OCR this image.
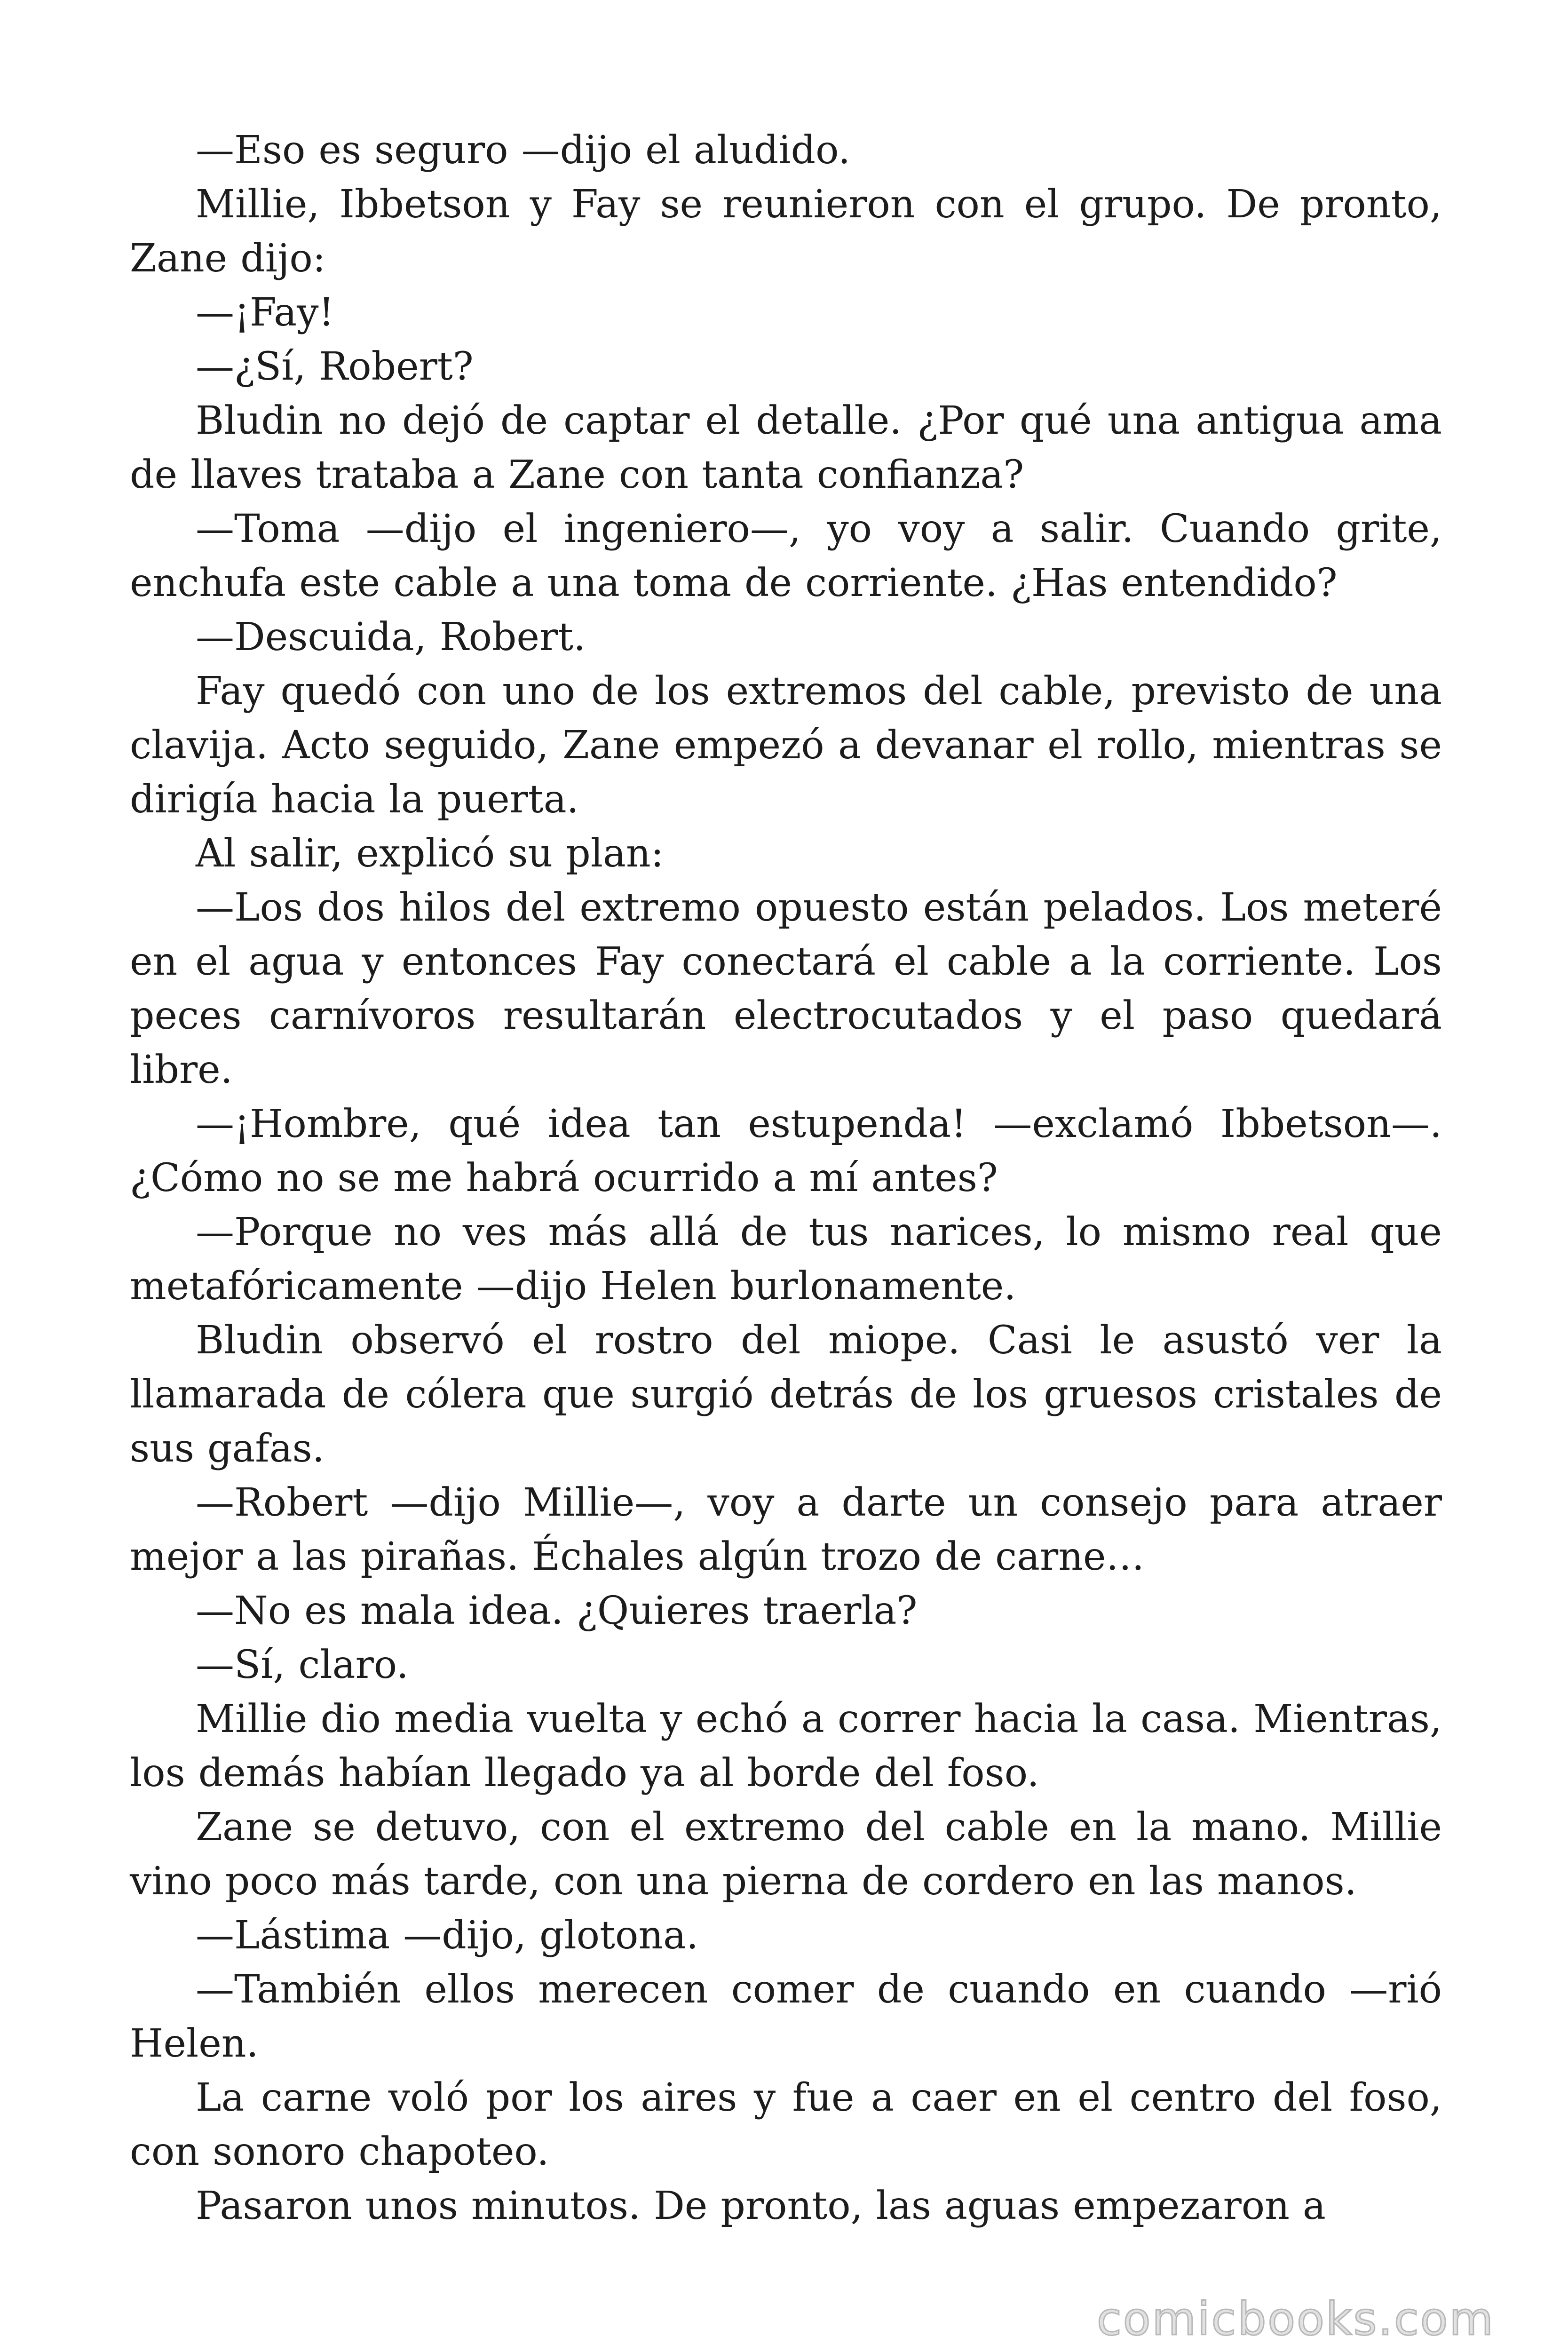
—Eso es seguro —dijo el aludido.

Millie, Ibbetson y Fay se reunieron con el grupo. De pronto, Zane dijo:

—¡Fay!

—¿Sí, Robert?

Bludin no dejó de captar el detalle. ¿Por qué una antigua ama de llaves trataba a Zane con tanta confianza?

—Toma —dijo el ingeniero—, yo voy a salir. Cuando grite, enchufa este cable a una toma de corriente. ¿Has entendido?

—Descuida, Robert.

Fay quedó con uno de los extremos del cable, previsto de una clavija. Acto seguido, Zane empezó a devanar el rollo, mientras se dirigía hacia la puerta.

Al salir, explicó su plan:

—Los dos hilos del extremo opuesto están pelados. Los meteré en el agua y entonces Fay conectará el cable a la corriente. Los peces carnívoros resultarán electrocutados y el paso quedará libre.

—¡Hombre, qué idea tan estupenda! —exclamó Ibbetson—. ¿Cómo no se me habrá ocurrido a mí antes?

—Porque no ves más allá de tus narices, lo mismo real que metafóricamente —dijo Helen burlonamente.

Bludin observó el rostro del miope. Casi le asustó ver la llamarada de cólera que surgió detrás de los gruesos cristales de sus gafas.

—Robert —dijo Millie—, voy a darte un consejo para atraer mejor a las pirañas. Échales algún trozo de carne…

—No es mala idea. ¿Quieres traerla?

—Sí, claro.

Millie dio media vuelta y echó a correr hacia la casa. Mientras, los demás habían llegado ya al borde del foso.

Zane se detuvo, con el extremo del cable en la mano. Millie vino poco más tarde, con una pierna de cordero en las manos.

—Lástima —dijo, glotona.

—También ellos merecen comer de cuando en cuando —rió Helen.

La carne voló por los aires y fue a caer en el centro del foso, con sonoro chapoteo.

Pasaron unos minutos. De pronto, las aguas empezaron a

comicbooks.com
